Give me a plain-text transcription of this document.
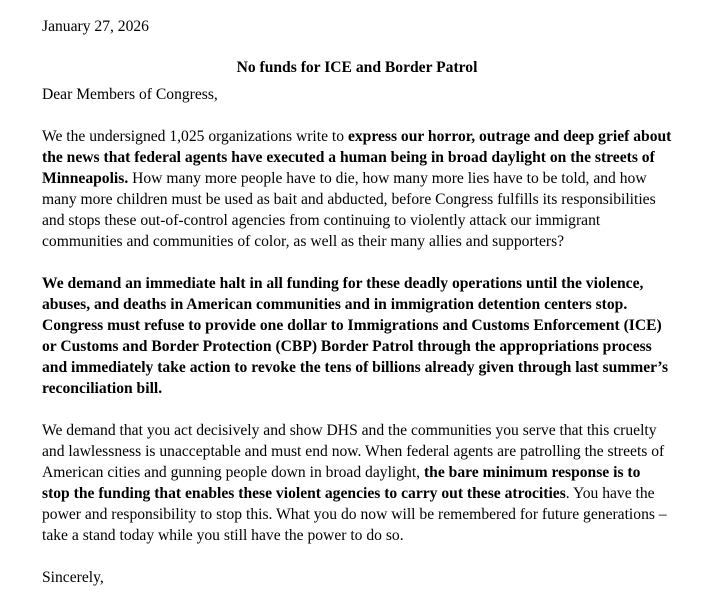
January 27, 2026

No funds for ICE and Border Patrol

Dear Members of Congress,

We the undersigned 1,025 organizations write to express our horror, outrage and deep grief about the news that federal agents have executed a human being in broad daylight on the streets of Minneapolis. How many more people have to die, how many more lies have to be told, and how many more children must be used as bait and abducted, before Congress fulfills its responsibilities and stops these out-of-control agencies from continuing to violently attack our immigrant communities and communities of color, as well as their many allies and supporters?

We demand an immediate halt in all funding for these deadly operations until the violence, abuses, and deaths in American communities and in immigration detention centers stop. Congress must refuse to provide one dollar to Immigrations and Customs Enforcement (ICE) or Customs and Border Protection (CBP) Border Patrol through the appropriations process and immediately take action to revoke the tens of billions already given through last summer’s reconciliation bill.

We demand that you act decisively and show DHS and the communities you serve that this cruelty and lawlessness is unacceptable and must end now. When federal agents are patrolling the streets of American cities and gunning people down in broad daylight, the bare minimum response is to stop the funding that enables these violent agencies to carry out these atrocities. You have the power and responsibility to stop this. What you do now will be remembered for future generations – take a stand today while you still have the power to do so.

Sincerely,
